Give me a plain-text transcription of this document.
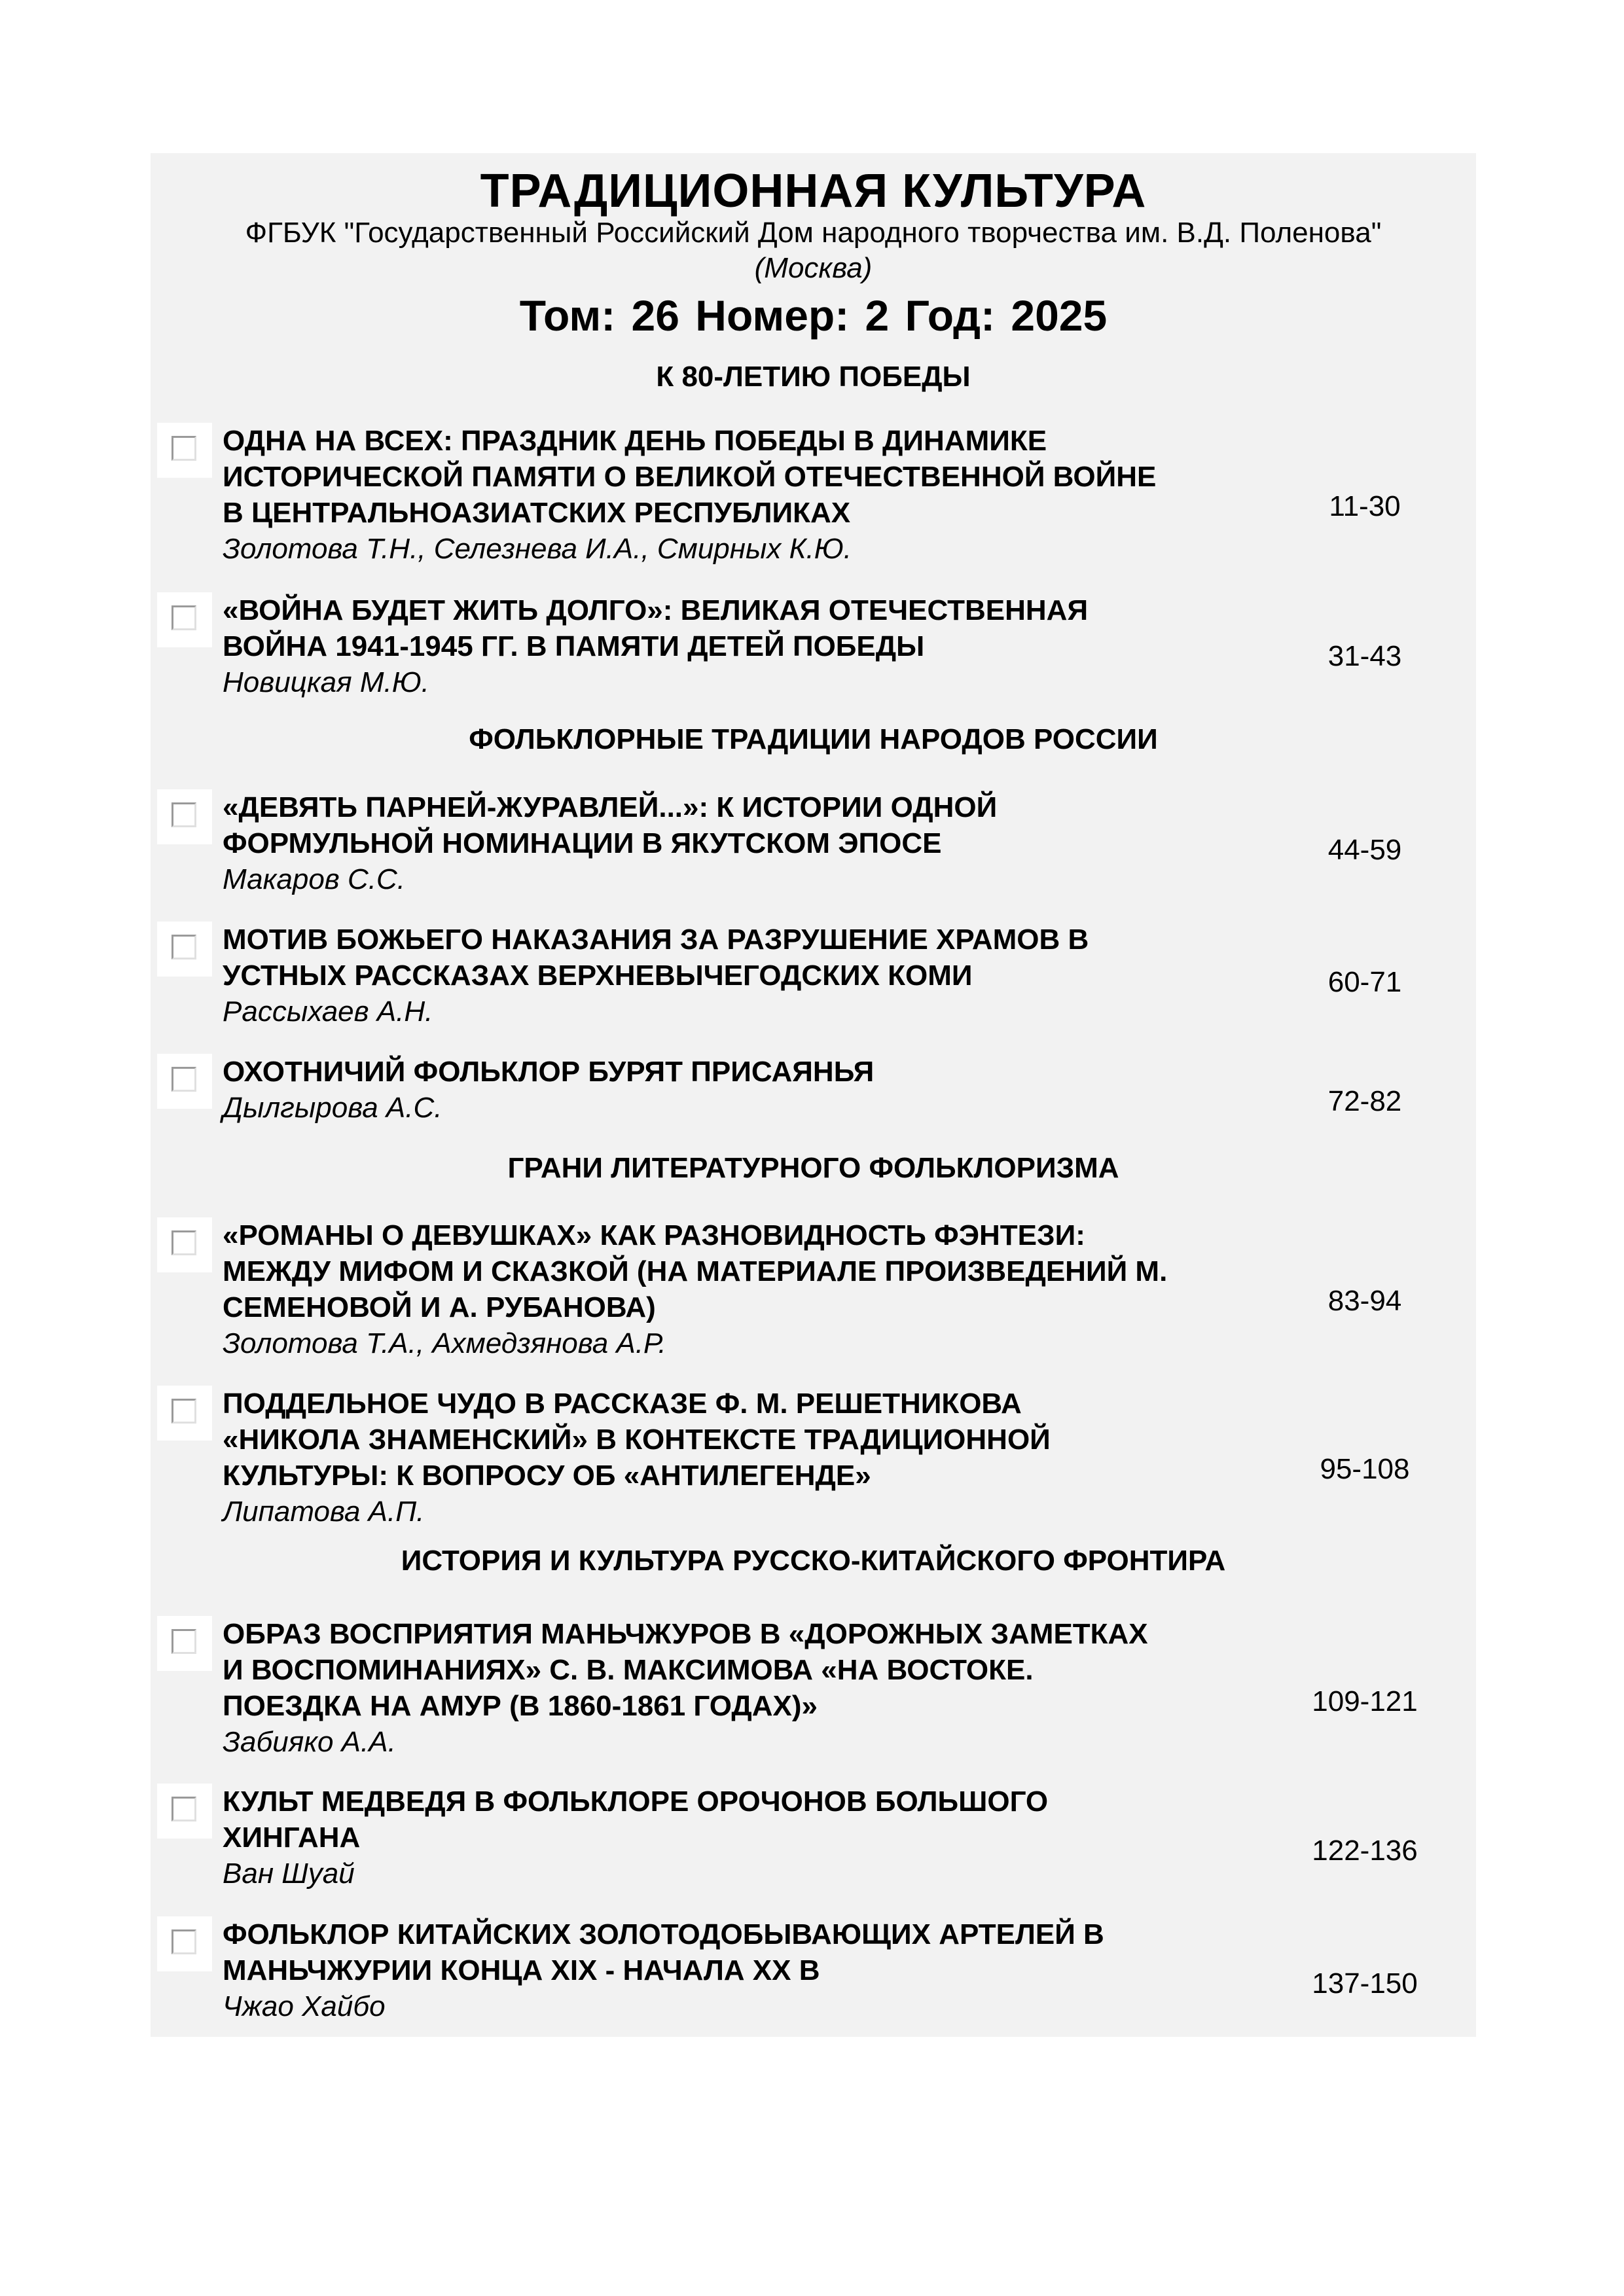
ТРАДИЦИОННАЯ КУЛЬТУРА
ФГБУК "Государственный Российский Дом народного творчества им. В.Д. Поленова"
(Москва)
Том: 26 Номер: 2 Год: 2025
К 80-ЛЕТИЮ ПОБЕДЫ
ОДНА НА ВСЕХ: ПРАЗДНИК ДЕНЬ ПОБЕДЫ В ДИНАМИКЕ
ИСТОРИЧЕСКОЙ ПАМЯТИ О ВЕЛИКОЙ ОТЕЧЕСТВЕННОЙ ВОЙНЕ
В ЦЕНТРАЛЬНОАЗИАТСКИХ РЕСПУБЛИКАХ
Золотова Т.Н., Селезнева И.А., Смирных К.Ю.
11-30
«ВОЙНА БУДЕТ ЖИТЬ ДОЛГО»: ВЕЛИКАЯ ОТЕЧЕСТВЕННАЯ
ВОЙНА 1941-1945 ГГ. В ПАМЯТИ ДЕТЕЙ ПОБЕДЫ
Новицкая М.Ю.
31-43
ФОЛЬКЛОРНЫЕ ТРАДИЦИИ НАРОДОВ РОССИИ
«ДЕВЯТЬ ПАРНЕЙ-ЖУРАВЛЕЙ...»: К ИСТОРИИ ОДНОЙ
ФОРМУЛЬНОЙ НОМИНАЦИИ В ЯКУТСКОМ ЭПОСЕ
Макаров С.С.
44-59
МОТИВ БОЖЬЕГО НАКАЗАНИЯ ЗА РАЗРУШЕНИЕ ХРАМОВ В
УСТНЫХ РАССКАЗАХ ВЕРХНЕВЫЧЕГОДСКИХ КОМИ
Рассыхаев А.Н.
60-71
ОХОТНИЧИЙ ФОЛЬКЛОР БУРЯТ ПРИСАЯНЬЯ
Дылгырова А.С.	72-82
ГРАНИ ЛИТЕРАТУРНОГО ФОЛЬКЛОРИЗМА
«РОМАНЫ О ДЕВУШКАХ» КАК РАЗНОВИДНОСТЬ ФЭНТЕЗИ:
МЕЖДУ МИФОМ И СКАЗКОЙ (НА МАТЕРИАЛЕ ПРОИЗВЕДЕНИЙ М.
СЕМЕНОВОЙ И А. РУБАНОВА)
Золотова Т.А., Ахмедзянова А.Р.
83-94
ПОДДЕЛЬНОЕ ЧУДО В РАССКАЗЕ Ф. М. РЕШЕТНИКОВА
«НИКОЛА ЗНАМЕНСКИЙ» В КОНТЕКСТЕ ТРАДИЦИОННОЙ
КУЛЬТУРЫ: К ВОПРОСУ ОБ «АНТИЛЕГЕНДЕ»
Липатова А.П.
95-108
ИСТОРИЯ И КУЛЬТУРА РУССКО-КИТАЙСКОГО ФРОНТИРА
ОБРАЗ ВОСПРИЯТИЯ МАНЬЧЖУРОВ В «ДОРОЖНЫХ ЗАМЕТКАХ
И ВОСПОМИНАНИЯХ» С. В. МАКСИМОВА «НА ВОСТОКЕ.
ПОЕЗДКА НА АМУР (В 1860-1861 ГОДАХ)»
Забияко А.А.
109-121
КУЛЬТ МЕДВЕДЯ В ФОЛЬКЛОРЕ ОРОЧОНОВ БОЛЬШОГО
ХИНГАНА
Ван Шуай
122-136
ФОЛЬКЛОР КИТАЙСКИХ ЗОЛОТОДОБЫВАЮЩИХ АРТЕЛЕЙ В
МАНЬЧЖУРИИ КОНЦА XIX - НАЧАЛА XX В
Чжао Хайбо
137-150
